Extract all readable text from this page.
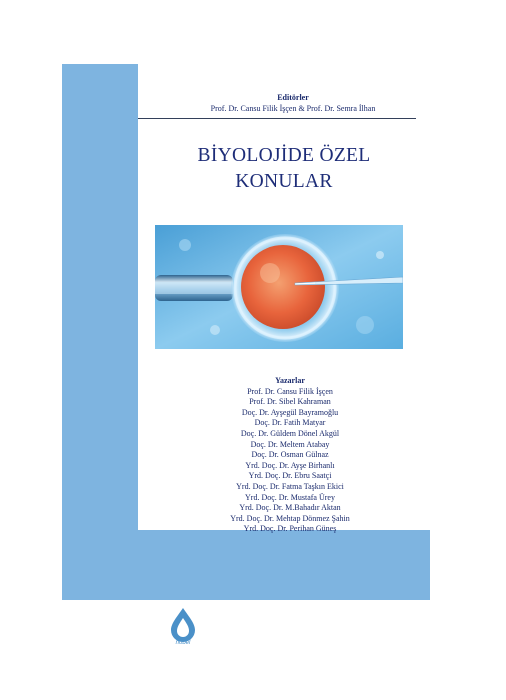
Editörler
Prof. Dr. Cansu Filik İşçen & Prof. Dr. Semra İlhan
BİYOLOJİDE ÖZEL
KONULAR
Yazarlar
Prof. Dr. Cansu Filik İşçen
Prof. Dr. Sibel Kahraman
Doç. Dr. Ayşegül Bayramoğlu
Doç. Dr. Fatih Matyar
Doç. Dr. Güldem Dönel Akgül
Doç. Dr. Meltem Atabay
Doç. Dr. Osman Gülnaz
Yrd. Doç. Dr. Ayşe Birhanlı
Yrd. Doç. Dr. Ebru Saatçi
Yrd. Doç. Dr. Fatma Taşkın Ekici
Yrd. Doç. Dr. Mustafa Ürey
Yrd. Doç. Dr. M.Bahadır Aktan
Yrd. Doç. Dr. Mehtap Dönmez Şahin
Yrd. Doç. Dr. Perihan Güneş
nobel
